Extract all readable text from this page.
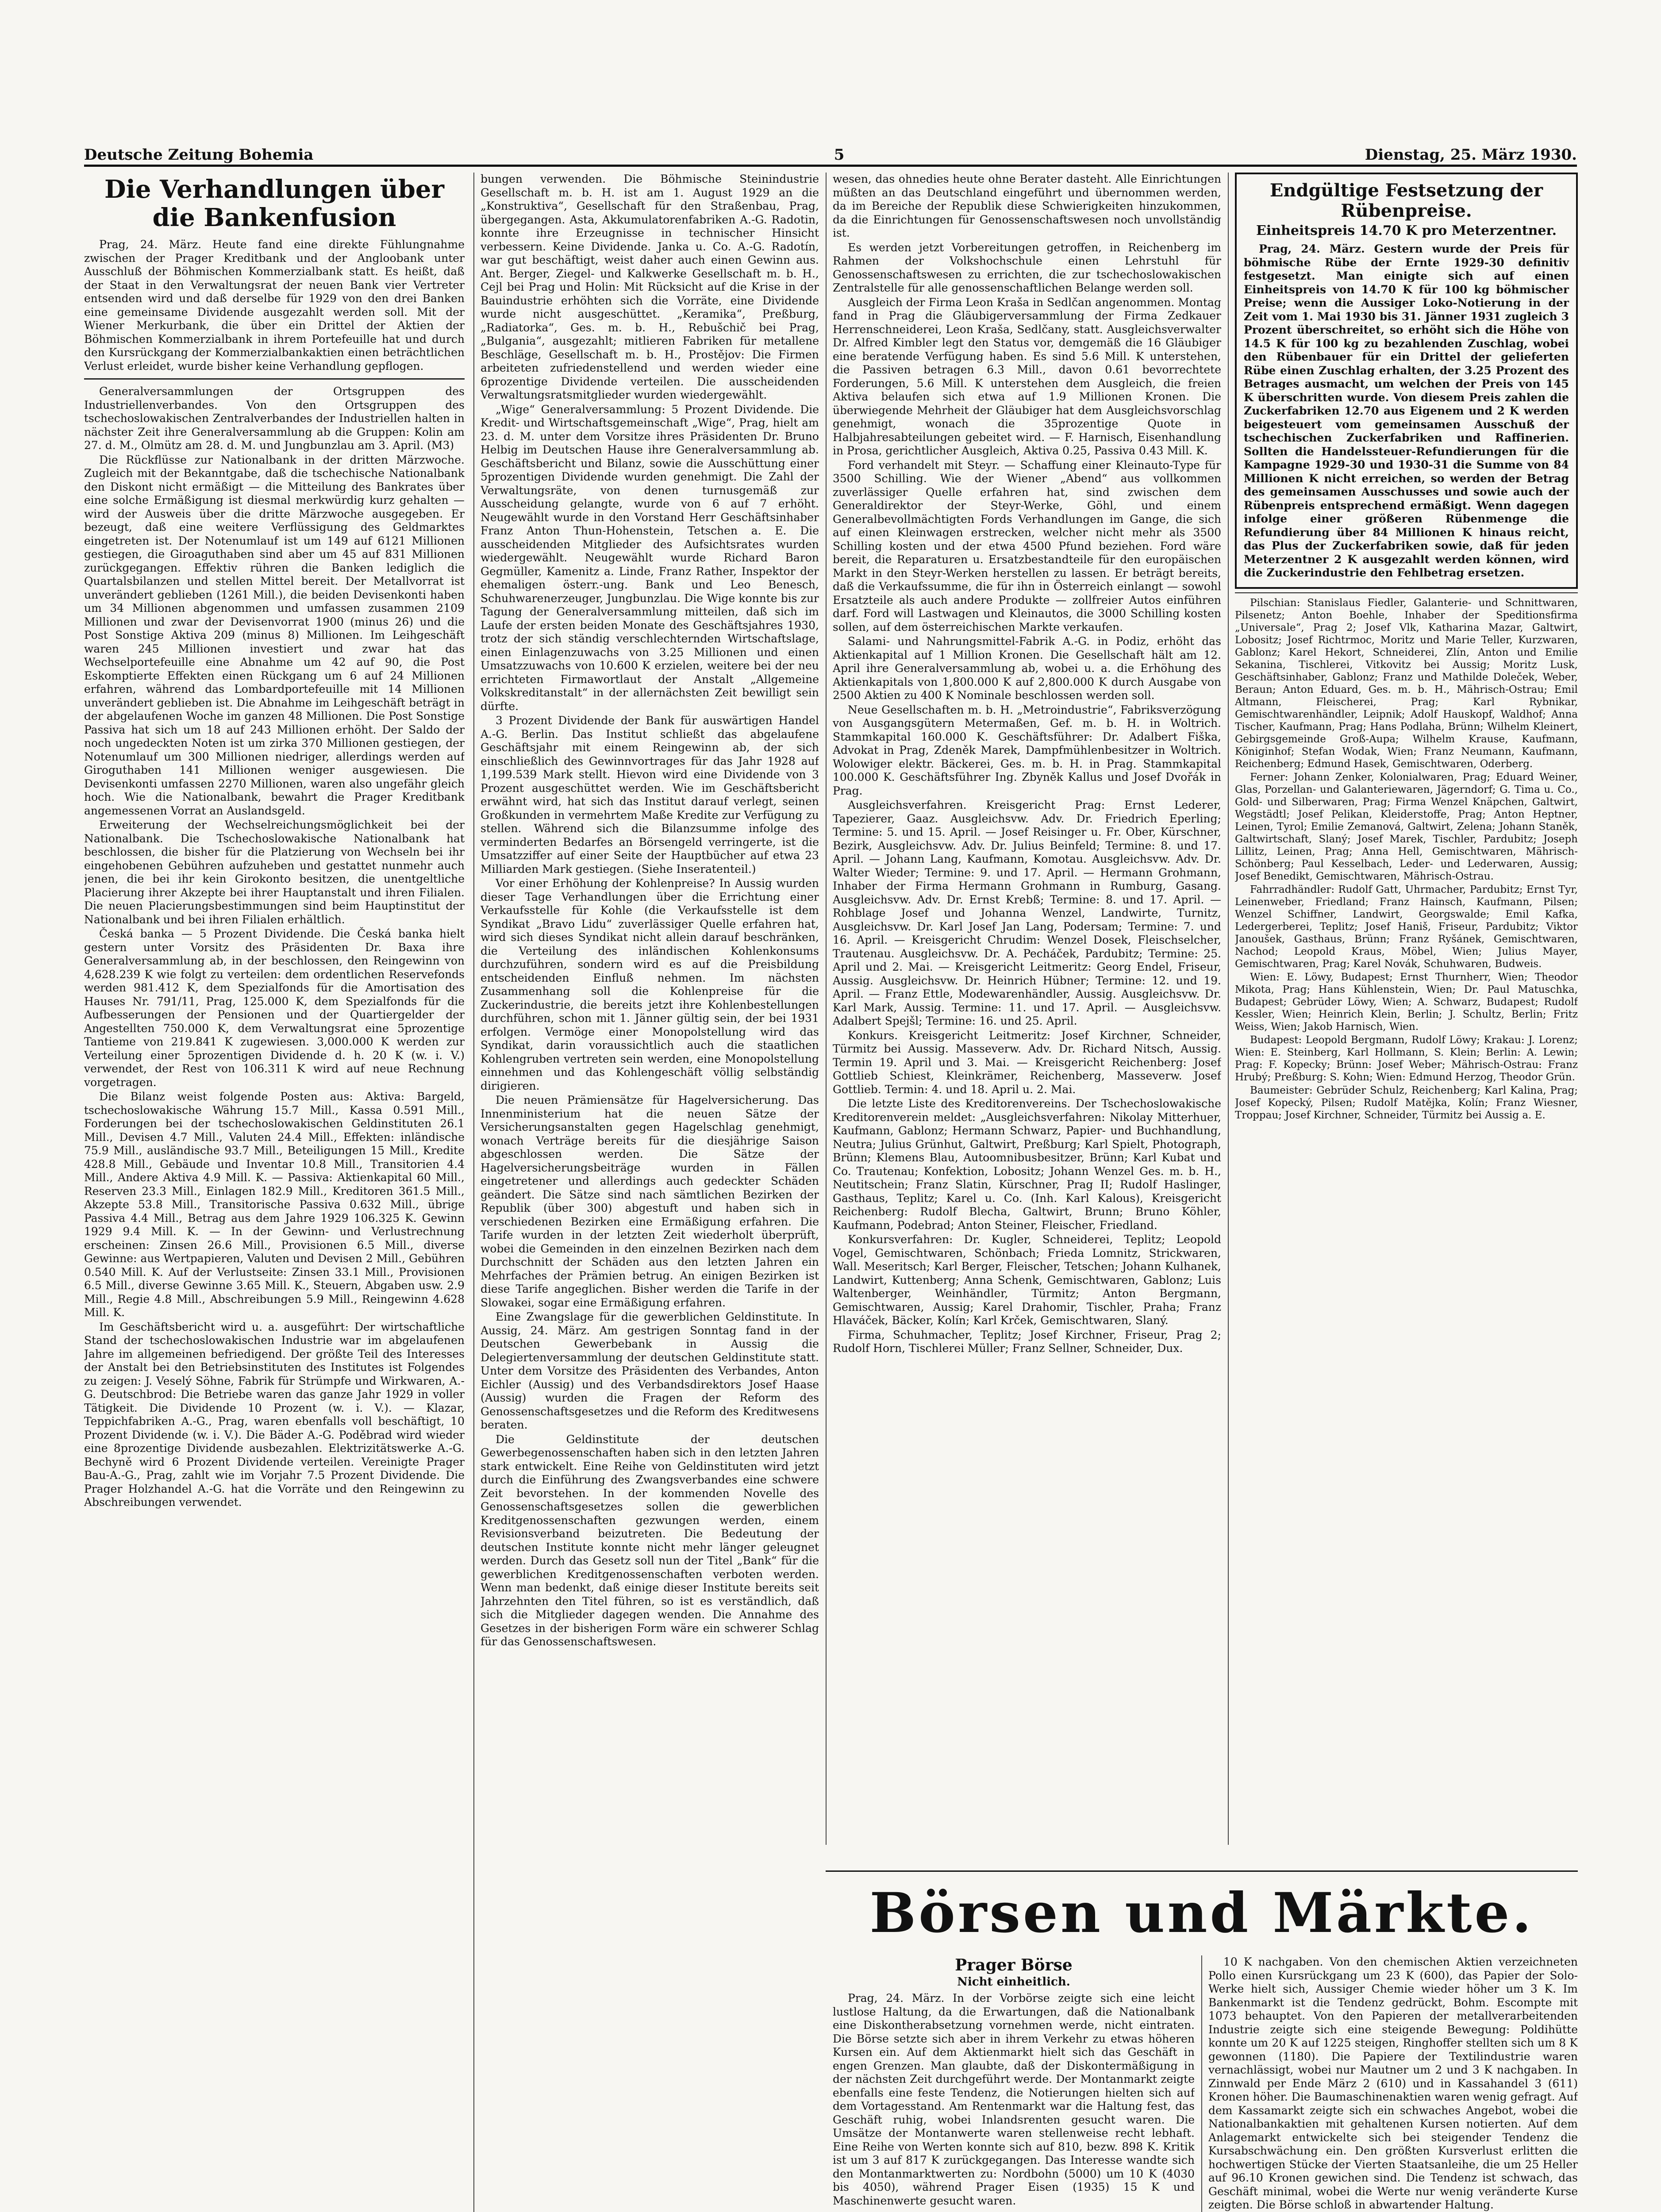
Deutsche Zeitung Bohemia	5	Dienstag, 25. März 1930.
Die Verhandlungen über die Bankenfusion

Prag, 24. März. Heute fand eine direkte Fühlungnahme zwischen der Prager Kreditbank und der Angloobank unter Ausschluß der Böhmischen Kommerzialbank statt. Es heißt, daß der Staat in den Verwaltungsrat der neuen Bank vier Vertreter entsenden wird und daß derselbe für 1929 von den drei Banken eine gemeinsame Dividende ausgezahlt werden soll. Mit der Wiener Merkurbank, die über ein Drittel der Aktien der Böhmischen Kommerzialbank in ihrem Portefeuille hat und durch den Kursrückgang der Kommerzialbankaktien einen beträchtlichen Verlust erleidet, wurde bisher keine Verhandlung gepflogen.

Generalversammlungen der Ortsgruppen des Industriellenverbandes. Von den Ortsgruppen des tschechoslowakischen Zentralverbandes der Industriellen halten in nächster Zeit ihre Generalversammlung ab die Gruppen: Kolin am 27. d. M., Olmütz am 28. d. M. und Jungbunzlau am 3. April. (M3)

Die Rückflüsse zur Nationalbank in der dritten Märzwoche. Zugleich mit der Bekanntgabe, daß die tschechische Nationalbank den Diskont nicht ermäßigt — die Mitteilung des Bankrates über eine solche Ermäßigung ist diesmal merkwürdig kurz gehalten — wird der Ausweis über die dritte Märzwoche ausgegeben. Er bezeugt, daß eine weitere Verflüssigung des Geldmarktes eingetreten ist. Der Notenumlauf ist um 149 auf 6121 Millionen gestiegen, die Giroaguthaben sind aber um 45 auf 831 Millionen zurückgegangen. Effektiv rühren die Banken lediglich die Quartalsbilanzen und stellen Mittel bereit. Der Metallvorrat ist unverändert geblieben (1261 Mill.), die beiden Devisenkonti haben um 34 Millionen abgenommen und umfassen zusammen 2109 Millionen und zwar der Devisenvorrat 1900 (minus 26) und die Post Sonstige Aktiva 209 (minus 8) Millionen. Im Leihgeschäft waren 245 Millionen investiert und zwar hat das Wechselportefeuille eine Abnahme um 42 auf 90, die Post Eskomptierte Effekten einen Rückgang um 6 auf 24 Millionen erfahren, während das Lombardportefeuille mit 14 Millionen unverändert geblieben ist. Die Abnahme im Leihgeschäft beträgt in der abgelaufenen Woche im ganzen 48 Millionen. Die Post Sonstige Passiva hat sich um 18 auf 243 Millionen erhöht. Der Saldo der noch ungedeckten Noten ist um zirka 370 Millionen gestiegen, der Notenumlauf um 300 Millionen niedriger, allerdings werden auf Giroguthaben 141 Millionen weniger ausgewiesen. Die Devisenkonti umfassen 2270 Millionen, waren also ungefähr gleich hoch. Wie die Nationalbank, bewahrt die Prager Kreditbank angemessenen Vorrat an Auslandsgeld.

Erweiterung der Wechselreichungsmöglichkeit bei der Nationalbank. Die Tschechoslowakische Nationalbank hat beschlossen, die bisher für die Platzierung von Wechseln bei ihr eingehobenen Gebühren aufzuheben und gestattet nunmehr auch jenen, die bei ihr kein Girokonto besitzen, die unentgeltliche Placierung ihrer Akzepte bei ihrer Hauptanstalt und ihren Filialen. Die neuen Placierungsbestimmungen sind beim Hauptinstitut der Nationalbank und bei ihren Filialen erhältlich.

Česká banka — 5 Prozent Dividende. Die Česká banka hielt gestern unter Vorsitz des Präsidenten Dr. Baxa ihre Generalversammlung ab, in der beschlossen, den Reingewinn von 4,628.239 K wie folgt zu verteilen: dem ordentlichen Reservefonds werden 981.412 K, dem Spezialfonds für die Amortisation des Hauses Nr. 791/11, Prag, 125.000 K, dem Spezialfonds für die Aufbesserungen der Pensionen und der Quartiergelder der Angestellten 750.000 K, dem Verwaltungsrat eine 5prozentige Tantieme von 219.841 K zugewiesen. 3,000.000 K werden zur Verteilung einer 5prozentigen Dividende d. h. 20 K (w. i. V.) verwendet, der Rest von 106.311 K wird auf neue Rechnung vorgetragen.

Die Bilanz weist folgende Posten aus: Aktiva: Bargeld, tschechoslowakische Währung 15.7 Mill., Kassa 0.591 Mill., Forderungen bei der tschechoslowakischen Geldinstituten 26.1 Mill., Devisen 4.7 Mill., Valuten 24.4 Mill., Effekten: inländische 75.9 Mill., ausländische 93.7 Mill., Beteiligungen 15 Mill., Kredite 428.8 Mill., Gebäude und Inventar 10.8 Mill., Transitorien 4.4 Mill., Andere Aktiva 4.9 Mill. K. — Passiva: Aktienkapital 60 Mill., Reserven 23.3 Mill., Einlagen 182.9 Mill., Kreditoren 361.5 Mill., Akzepte 53.8 Mill., Transitorische Passiva 0.632 Mill., übrige Passiva 4.4 Mill., Betrag aus dem Jahre 1929 106.325 K. Gewinn 1929 9.4 Mill. K. — In der Gewinn- und Verlustrechnung erscheinen: Zinsen 26.6 Mill., Provisionen 6.5 Mill., diverse Gewinne: aus Wertpapieren, Valuten und Devisen 2 Mill., Gebühren 0.540 Mill. K. Auf der Verlustseite: Zinsen 33.1 Mill., Provisionen 6.5 Mill., diverse Gewinne 3.65 Mill. K., Steuern, Abgaben usw. 2.9 Mill., Regie 4.8 Mill., Abschreibungen 5.9 Mill., Reingewinn 4.628 Mill. K.

Im Geschäftsbericht wird u. a. ausgeführt: Der wirtschaftliche Stand der tschechoslowakischen Industrie war im abgelaufenen Jahre im allgemeinen befriedigend. Der größte Teil des Interesses der Anstalt bei den Betriebsinstituten des Institutes ist Folgendes zu zeigen: J. Veselý Söhne, Fabrik für Strümpfe und Wirkwaren, A.-G. Deutschbrod: Die Betriebe waren das ganze Jahr 1929 in voller Tätigkeit. Die Dividende 10 Prozent (w. i. V.). — Klazar, Teppichfabriken A.-G., Prag, waren ebenfalls voll beschäftigt, 10 Prozent Dividende (w. i. V.). Die Bäder A.-G. Poděbrad wird wieder eine 8prozentige Dividende ausbezahlen. Elektrizitätswerke A.-G. Bechyně wird 6 Prozent Dividende verteilen. Vereinigte Prager Bau-A.-G., Prag, zahlt wie im Vorjahr 7.5 Prozent Dividende. Die Prager Holzhandel A.-G. hat die Vorräte und den Reingewinn zu Abschreibungen verwendet.

bungen verwenden. Die Böhmische Steinindustrie Gesellschaft m. b. H. ist am 1. August 1929 an die „Konstruktiva“, Gesellschaft für den Straßenbau, Prag, übergegangen. Asta, Akkumulatorenfabriken A.-G. Radotin, konnte ihre Erzeugnisse in technischer Hinsicht verbessern. Keine Dividende. Janka u. Co. A.-G. Radotín, war gut beschäftigt, weist daher auch einen Gewinn aus. Ant. Berger, Ziegel- und Kalkwerke Gesellschaft m. b. H., Cejl bei Prag und Holin: Mit Rücksicht auf die Krise in der Bauindustrie erhöhten sich die Vorräte, eine Dividende wurde nicht ausgeschüttet. „Keramika“, Preßburg, „Radiatorka“, Ges. m. b. H., Rebušchič bei Prag, „Bulgania“, ausgezahlt; mitlieren Fabriken für metallene Beschläge, Gesellschaft m. b. H., Prostějov: Die Firmen arbeiteten zufriedenstellend und werden wieder eine 6prozentige Dividende verteilen. Die ausscheidenden Verwaltungsratsmitglieder wurden wiedergewählt.

„Wige“ Generalversammlung: 5 Prozent Dividende. Die Kredit- und Wirtschaftsgemeinschaft „Wige“, Prag, hielt am 23. d. M. unter dem Vorsitze ihres Präsidenten Dr. Bruno Helbig im Deutschen Hause ihre Generalversammlung ab. Geschäftsbericht und Bilanz, sowie die Ausschüttung einer 5prozentigen Dividende wurden genehmigt. Die Zahl der Verwaltungsräte, von denen turnusgemäß zur Ausscheidung gelangte, wurde von 6 auf 7 erhöht. Neugewählt wurde in den Vorstand Herr Geschäftsinhaber Franz Anton Thun-Hohenstein, Tetschen a. E. Die ausscheidenden Mitglieder des Aufsichtsrates wurden wiedergewählt. Neugewählt wurde Richard Baron Gegmüller, Kamenitz a. Linde, Franz Rather, Inspektor der ehemaligen österr.-ung. Bank und Leo Benesch, Schuhwarenerzeuger, Jungbunzlau. Die Wige konnte bis zur Tagung der Generalversammlung mitteilen, daß sich im Laufe der ersten beiden Monate des Geschäftsjahres 1930, trotz der sich ständig verschlechternden Wirtschaftslage, einen Einlagenzuwachs von 3.25 Millionen und einen Umsatzzuwachs von 10.600 K erzielen, weitere bei der neu errichteten Firmawortlaut der Anstalt „Allgemeine Volkskreditanstalt“ in der allernächsten Zeit bewilligt sein dürfte.

3 Prozent Dividende der Bank für auswärtigen Handel A.-G. Berlin. Das Institut schließt das abgelaufene Geschäftsjahr mit einem Reingewinn ab, der sich einschließlich des Gewinnvortrages für das Jahr 1928 auf 1,199.539 Mark stellt. Hievon wird eine Dividende von 3 Prozent ausgeschüttet werden. Wie im Geschäftsbericht erwähnt wird, hat sich das Institut darauf verlegt, seinen Großkunden in vermehrtem Maße Kredite zur Verfügung zu stellen. Während sich die Bilanzsumme infolge des verminderten Bedarfes an Börsengeld verringerte, ist die Umsatzziffer auf einer Seite der Hauptbücher auf etwa 23 Milliarden Mark gestiegen. (Siehe Inseratenteil.)

Vor einer Erhöhung der Kohlenpreise? In Aussig wurden dieser Tage Verhandlungen über die Errichtung einer Verkaufsstelle für Kohle (die Verkaufsstelle ist dem Syndikat „Bravo Lidu“ zuverlässiger Quelle erfahren hat, wird sich dieses Syndikat nicht allein darauf beschränken, die Verteilung des inländischen Kohlenkonsums durchzuführen, sondern wird es auf die Preisbildung entscheidenden Einfluß nehmen. Im nächsten Zusammenhang soll die Kohlenpreise für die Zuckerindustrie, die bereits jetzt ihre Kohlenbestellungen durchführen, schon mit 1. Jänner gültig sein, der bei 1931 erfolgen. Vermöge einer Monopolstellung wird das Syndikat, darin voraussichtlich auch die staatlichen Kohlengruben vertreten sein werden, eine Monopolstellung einnehmen und das Kohlengeschäft völlig selbständig dirigieren.

Die neuen Prämiensätze für Hagelversicherung. Das Innenministerium hat die neuen Sätze der Versicherungsanstalten gegen Hagelschlag genehmigt, wonach Verträge bereits für die diesjährige Saison abgeschlossen werden. Die Sätze der Hagelversicherungsbeiträge wurden in Fällen eingetretener und allerdings auch gedeckter Schäden geändert. Die Sätze sind nach sämtlichen Bezirken der Republik (über 300) abgestuft und haben sich in verschiedenen Bezirken eine Ermäßigung erfahren. Die Tarife wurden in der letzten Zeit wiederholt überprüft, wobei die Gemeinden in den einzelnen Bezirken nach dem Durchschnitt der Schäden aus den letzten Jahren ein Mehrfaches der Prämien betrug. An einigen Bezirken ist diese Tarife angeglichen. Bisher werden die Tarife in der Slowakei, sogar eine Ermäßigung erfahren.

Eine Zwangslage für die gewerblichen Geldinstitute. In Aussig, 24. März. Am gestrigen Sonntag fand in der Deutschen Gewerbebank in Aussig die Delegiertenversammlung der deutschen Geldinstitute statt. Unter dem Vorsitze des Präsidenten des Verbandes, Anton Eichler (Aussig) und des Verbandsdirektors Josef Haase (Aussig) wurden die Fragen der Reform des Genossenschaftsgesetzes und die Reform des Kreditwesens beraten.

Die Geldinstitute der deutschen Gewerbegenossenschaften haben sich in den letzten Jahren stark entwickelt. Eine Reihe von Geldinstituten wird jetzt durch die Einführung des Zwangsverbandes eine schwere Zeit bevorstehen. In der kommenden Novelle des Genossenschaftsgesetzes sollen die gewerblichen Kreditgenossenschaften gezwungen werden, einem Revisionsverband beizutreten. Die Bedeutung der deutschen Institute konnte nicht mehr länger geleugnet werden. Durch das Gesetz soll nun der Titel „Bank“ für die gewerblichen Kreditgenossenschaften verboten werden. Wenn man bedenkt, daß einige dieser Institute bereits seit Jahrzehnten den Titel führen, so ist es verständlich, daß sich die Mitglieder dagegen wenden. Die Annahme des Gesetzes in der bisherigen Form wäre ein schwerer Schlag für das Genossenschaftswesen.

wesen, das ohnedies heute ohne Berater dasteht. Alle Einrichtungen müßten an das Deutschland eingeführt und übernommen werden, da im Bereiche der Republik diese Schwierigkeiten hinzukommen, da die Einrichtungen für Genossenschaftswesen noch unvollständig ist.

Es werden jetzt Vorbereitungen getroffen, in Reichenberg im Rahmen der Volkshochschule einen Lehrstuhl für Genossenschaftswesen zu errichten, die zur tschechoslowakischen Zentralstelle für alle genossenschaftlichen Belange werden soll.

Ausgleich der Firma Leon Kraša in Sedlčan angenommen. Montag fand in Prag die Gläubigerversammlung der Firma Zedkauer Herrenschneiderei, Leon Kraša, Sedlčany, statt. Ausgleichsverwalter Dr. Alfred Kimbler legt den Status vor, demgemäß die 16 Gläubiger eine beratende Verfügung haben. Es sind 5.6 Mill. K unterstehen, die Passiven betragen 6.3 Mill., davon 0.61 bevorrechtete Forderungen, 5.6 Mill. K unterstehen dem Ausgleich, die freien Aktiva belaufen sich etwa auf 1.9 Millionen Kronen. Die überwiegende Mehrheit der Gläubiger hat dem Ausgleichsvorschlag genehmigt, wonach die 35prozentige Quote in Halbjahresabteilungen gebeitet wird. — F. Harnisch, Eisenhandlung in Prosa, gerichtlicher Ausgleich, Aktiva 0.25, Passiva 0.43 Mill. K.

Ford verhandelt mit Steyr. — Schaffung einer Kleinauto-Type für 3500 Schilling. Wie der Wiener „Abend“ aus vollkommen zuverlässiger Quelle erfahren hat, sind zwischen dem Generaldirektor der Steyr-Werke, Göhl, und einem Generalbevollmächtigten Fords Verhandlungen im Gange, die sich auf einen Kleinwagen erstrecken, welcher nicht mehr als 3500 Schilling kosten und der etwa 4500 Pfund beziehen. Ford wäre bereit, die Reparaturen u. Ersatzbestandteile für den europäischen Markt in den Steyr-Werken herstellen zu lassen. Er beträgt bereits, daß die Verkaufssumme, die für ihn in Österreich einlangt — sowohl Ersatzteile als auch andere Produkte — zollfreier Autos einführen darf. Ford will Lastwagen und Kleinautos, die 3000 Schilling kosten sollen, auf dem österreichischen Markte verkaufen.

Salami- und Nahrungsmittel-Fabrik A.-G. in Podiz, erhöht das Aktienkapital auf 1 Million Kronen. Die Gesellschaft hält am 12. April ihre Generalversammlung ab, wobei u. a. die Erhöhung des Aktienkapitals von 1,800.000 K auf 2,800.000 K durch Ausgabe von 2500 Aktien zu 400 K Nominale beschlossen werden soll.

Neue Gesellschaften m. b. H. „Metroindustrie“, Fabriksverzögung von Ausgangsgütern Metermaßen, Gef. m. b. H. in Woltrich. Stammkapital 160.000 K. Geschäftsführer: Dr. Adalbert Fiška, Advokat in Prag, Zdeněk Marek, Dampfmühlenbesitzer in Woltrich. Wolowiger elektr. Bäckerei, Ges. m. b. H. in Prag. Stammkapital 100.000 K. Geschäftsführer Ing. Zbyněk Kallus und Josef Dvořák in Prag.

Ausgleichsverfahren. Kreisgericht Prag: Ernst Lederer, Tapezierer, Gaaz. Ausgleichsvw. Adv. Dr. Friedrich Eperling; Termine: 5. und 15. April. — Josef Reisinger u. Fr. Ober, Kürschner, Bezirk, Ausgleichsvw. Adv. Dr. Julius Beinfeld; Termine: 8. und 17. April. — Johann Lang, Kaufmann, Komotau. Ausgleichsvw. Adv. Dr. Walter Wieder; Termine: 9. und 17. April. — Hermann Grohmann, Inhaber der Firma Hermann Grohmann in Rumburg, Gasang. Ausgleichsvw. Adv. Dr. Ernst Krebß; Termine: 8. und 17. April. — Rohblage Josef und Johanna Wenzel, Landwirte, Turnitz, Ausgleichsvw. Dr. Karl Josef Jan Lang, Podersam; Termine: 7. und 16. April. — Kreisgericht Chrudim: Wenzel Dosek, Fleischselcher, Trautenau. Ausgleichsvw. Dr. A. Pecháček, Pardubitz; Termine: 25. April und 2. Mai. — Kreisgericht Leitmeritz: Georg Endel, Friseur, Aussig. Ausgleichsvw. Dr. Heinrich Hübner; Termine: 12. und 19. April. — Franz Ettle, Modewarenhändler, Aussig. Ausgleichsvw. Dr. Karl Mark, Aussig. Termine: 11. und 17. April. — Ausgleichsvw. Adalbert Spejšl; Termine: 16. und 25. April.

Konkurs. Kreisgericht Leitmeritz: Josef Kirchner, Schneider, Türmitz bei Aussig. Masseverw. Adv. Dr. Richard Nitsch, Aussig. Termin 19. April und 3. Mai. — Kreisgericht Reichenberg: Josef Gottlieb Schiest, Kleinkrämer, Reichenberg, Masseverw. Josef Gottlieb. Termin: 4. und 18. April u. 2. Mai.

Die letzte Liste des Kreditorenvereins. Der Tschechoslowakische Kreditorenverein meldet: „Ausgleichsverfahren: Nikolay Mitterhuer, Kaufmann, Gablonz; Hermann Schwarz, Papier- und Buchhandlung, Neutra; Julius Grünhut, Galtwirt, Preßburg; Karl Spielt, Photograph, Brünn; Klemens Blau, Autoomnibusbesitzer, Brünn; Karl Kubat und Co. Trautenau; Konfektion, Lobositz; Johann Wenzel Ges. m. b. H., Neutitschein; Franz Slatin, Kürschner, Prag II; Rudolf Haslinger, Gasthaus, Teplitz; Karel u. Co. (Inh. Karl Kalous), Kreisgericht Reichenberg: Rudolf Blecha, Galtwirt, Brunn; Bruno Köhler, Kaufmann, Podebrad; Anton Steiner, Fleischer, Friedland.

Konkursverfahren: Dr. Kugler, Schneiderei, Teplitz; Leopold Vogel, Gemischtwaren, Schönbach; Frieda Lomnitz, Strickwaren, Wall. Meseritsch; Karl Berger, Fleischer, Tetschen; Johann Kulhanek, Landwirt, Kuttenberg; Anna Schenk, Gemischtwaren, Gablonz; Luis Waltenberger, Weinhändler, Türmitz; Anton Bergmann, Gemischtwaren, Aussig; Karel Drahomir, Tischler, Praha; Franz Hlaváček, Bäcker, Kolín; Karl Krček, Gemischtwaren, Slaný.

Firma, Schuhmacher, Teplitz; Josef Kirchner, Friseur, Prag 2; Rudolf Horn, Tischlerei Müller; Franz Sellner, Schneider, Dux.

Endgültige Festsetzung der Rübenpreise.
Einheitspreis 14.70 K pro Meterzentner.

Prag, 24. März. Gestern wurde der Preis für böhmische Rübe der Ernte 1929-30 definitiv festgesetzt. Man einigte sich auf einen Einheitspreis von 14.70 K für 100 kg böhmischer Preise; wenn die Aussiger Loko-Notierung in der Zeit vom 1. Mai 1930 bis 31. Jänner 1931 zugleich 3 Prozent überschreitet, so erhöht sich die Höhe von 14.5 K für 100 kg zu bezahlenden Zuschlag, wobei den Rübenbauer für ein Drittel der gelieferten Rübe einen Zuschlag erhalten, der 3.25 Prozent des Betrages ausmacht, um welchen der Preis von 145 K überschritten wurde. Von diesem Preis zahlen die Zuckerfabriken 12.70 aus Eigenem und 2 K werden beigesteuert vom gemeinsamen Ausschuß der tschechischen Zuckerfabriken und Raffinerien. Sollten die Handelssteuer-Refundierungen für die Kampagne 1929-30 und 1930-31 die Summe von 84 Millionen K nicht erreichen, so werden der Betrag des gemeinsamen Ausschusses und sowie auch der Rübenpreis entsprechend ermäßigt. Wenn dagegen infolge einer größeren Rübenmenge die Refundierung über 84 Millionen K hinaus reicht, das Plus der Zuckerfabriken sowie, daß für jeden Meterzentner 2 K ausgezahlt werden können, wird die Zuckerindustrie den Fehlbetrag ersetzen.

Pilschian: Stanislaus Fiedler, Galanterie- und Schnittwaren, Pilsenetz; Anton Boehle, Inhaber der Speditionsfirma „Universale“, Prag 2; Josef Vlk, Katharina Mazar, Galtwirt, Lobositz; Josef Richtrmoc, Moritz und Marie Teller, Kurzwaren, Gablonz; Karel Hekort, Schneiderei, Zlín, Anton und Emilie Sekanina, Tischlerei, Vitkovitz bei Aussig; Moritz Lusk, Geschäftsinhaber, Gablonz; Franz und Mathilde Doleček, Weber, Beraun; Anton Eduard, Ges. m. b. H., Mährisch-Ostrau; Emil Altmann, Fleischerei, Prag; Karl Rybnikar, Gemischtwarenhändler, Leipnik; Adolf Hauskopf, Waldhof; Anna Tischer, Kaufmann, Prag; Hans Podlaha, Brünn; Wilhelm Kleinert, Gebirgsgemeinde Groß-Aupa; Wilhelm Krause, Kaufmann, Königinhof; Stefan Wodak, Wien; Franz Neumann, Kaufmann, Reichenberg; Edmund Hasek, Gemischtwaren, Oderberg.

Ferner: Johann Zenker, Kolonialwaren, Prag; Eduard Weiner, Glas, Porzellan- und Galanteriewaren, Jägerndorf; G. Tima u. Co., Gold- und Silberwaren, Prag; Firma Wenzel Knäpchen, Galtwirt, Wegstädtl; Josef Pelikan, Kleiderstoffe, Prag; Anton Heptner, Leinen, Tyrol; Emilie Zemanová, Galtwirt, Zelena; Johann Staněk, Galtwirtschaft, Slaný; Josef Marek, Tischler, Pardubitz; Joseph Lillitz, Leinen, Prag; Anna Hell, Gemischtwaren, Mährisch-Schönberg; Paul Kesselbach, Leder- und Lederwaren, Aussig; Josef Benedikt, Gemischtwaren, Mährisch-Ostrau.

Fahrradhändler: Rudolf Gatt, Uhrmacher, Pardubitz; Ernst Tyr, Leinenweber, Friedland; Franz Hainsch, Kaufmann, Pilsen; Wenzel Schiffner, Landwirt, Georgswalde; Emil Kafka, Ledergerberei, Teplitz; Josef Haniš, Friseur, Pardubitz; Viktor Janoušek, Gasthaus, Brünn; Franz Ryšánek, Gemischtwaren, Nachod; Leopold Kraus, Möbel, Wien; Julius Mayer, Gemischtwaren, Prag; Karel Novák, Schuhwaren, Budweis.

Wien: E. Löwy, Budapest; Ernst Thurnherr, Wien; Theodor Mikota, Prag; Hans Kühlenstein, Wien; Dr. Paul Matuschka, Budapest; Gebrüder Löwy, Wien; A. Schwarz, Budapest; Rudolf Kessler, Wien; Heinrich Klein, Berlin; J. Schultz, Berlin; Fritz Weiss, Wien; Jakob Harnisch, Wien.

Budapest: Leopold Bergmann, Rudolf Löwy; Krakau: J. Lorenz; Wien: E. Steinberg, Karl Hollmann, S. Klein; Berlin: A. Lewin; Prag: F. Kopecky; Brünn: Josef Weber; Mährisch-Ostrau: Franz Hrubý; Preßburg: S. Kohn; Wien: Edmund Herzog, Theodor Grün.

Baumeister: Gebrüder Schulz, Reichenberg; Karl Kalina, Prag; Josef Kopecký, Pilsen; Rudolf Matějka, Kolín; Franz Wiesner, Troppau; Josef Kirchner, Schneider, Türmitz bei Aussig a. E.

Börsen und Märkte.
Prager Börse
Nicht einheitlich.

Prag, 24. März. In der Vorbörse zeigte sich eine leicht lustlose Haltung, da die Erwartungen, daß die Nationalbank eine Diskontherabsetzung vornehmen werde, nicht eintraten. Die Börse setzte sich aber in ihrem Verkehr zu etwas höheren Kursen ein. Auf dem Aktienmarkt hielt sich das Geschäft in engen Grenzen. Man glaubte, daß der Diskontermäßigung in der nächsten Zeit durchgeführt werde. Der Montanmarkt zeigte ebenfalls eine feste Tendenz, die Notierungen hielten sich auf dem Vortagesstand. Am Rentenmarkt war die Haltung fest, das Geschäft ruhig, wobei Inlandsrenten gesucht waren. Die Umsätze der Montanwerte waren stellenweise recht lebhaft. Eine Reihe von Werten konnte sich auf 810, bezw. 898 K. Kritik ist um 3 auf 817 K zurückgegangen. Das Interesse wandte sich den Montanmarktwerten zu: Nordbohn (5000) um 10 K (4030 bis 4050), während Prager Eisen (1935) 15 K und Maschinenwerte gesucht waren.

10 K nachgaben. Von den chemischen Aktien verzeichneten Pollo einen Kursrückgang um 23 K (600), das Papier der Solo-Werke hielt sich, Aussiger Chemie wieder höher um 3 K. Im Bankenmarkt ist die Tendenz gedrückt, Bohm. Escompte mit 1073 behauptet. Von den Papieren der metallverarbeitenden Industrie zeigte sich eine steigende Bewegung: Poldihütte konnte um 20 K auf 1225 steigen, Ringhoffer stellten sich um 8 K gewonnen (1180). Die Papiere der Textilindustrie waren vernachlässigt, wobei nur Mautner um 2 und 3 K nachgaben. In Zinnwald per Ende März 2 (610) und in Kassahandel 3 (611) Kronen höher. Die Baumaschinenaktien waren wenig gefragt. Auf dem Kassamarkt zeigte sich ein schwaches Angebot, wobei die Nationalbankaktien mit gehaltenen Kursen notierten. Auf dem Anlagemarkt entwickelte sich bei steigender Tendenz die Kursabschwächung ein. Den größten Kursverlust erlitten die hochwertigen Stücke der Vierten Staatsanleihe, die um 25 Heller auf 96.10 Kronen gewichen sind. Die Tendenz ist schwach, das Geschäft minimal, wobei die Werte nur wenig veränderte Kurse zeigten. Die Börse schloß in abwartender Haltung.
